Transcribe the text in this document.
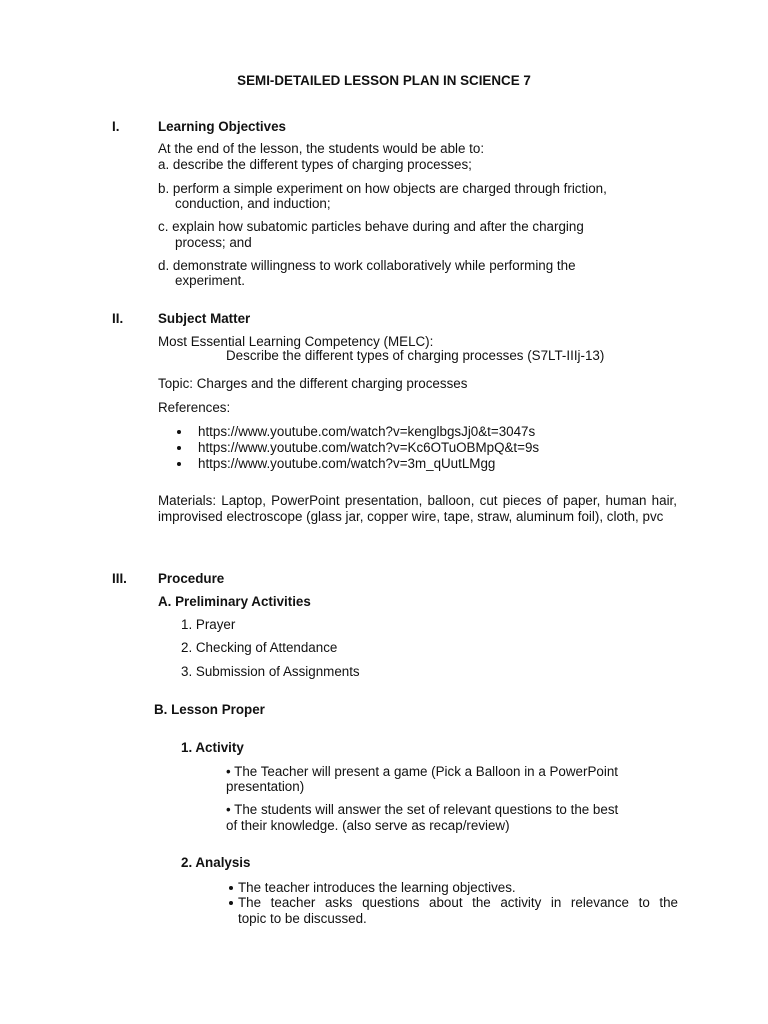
SEMI-DETAILED LESSON PLAN IN SCIENCE 7
I.	Learning Objectives
At the end of the lesson, the students would be able to:
a. describe the different types of charging processes;
b. perform a simple experiment on how objects are charged through friction,
conduction, and induction;
c. explain how subatomic particles behave during and after the charging
process; and
d. demonstrate willingness to work collaboratively while performing the
experiment.
II.	Subject Matter
Most Essential Learning Competency (MELC):
Describe the different types of charging processes (S7LT-IIIj-13)
Topic: Charges and the different charging processes
References:
https://www.youtube.com/watch?v=kenglbgsJj0&t=3047s
https://www.youtube.com/watch?v=Kc6OTuOBMpQ&t=9s
https://www.youtube.com/watch?v=3m_qUutLMgg
Materials: Laptop, PowerPoint presentation, balloon, cut pieces of paper, human hair, improvised electroscope (glass jar, copper wire, tape, straw, aluminum foil), cloth, pvc
III. Procedure
A. Preliminary Activities
1. Prayer
2. Checking of Attendance
3. Submission of Assignments
B. Lesson Proper
1. Activity
• The Teacher will present a game (Pick a Balloon in a PowerPoint
presentation)
• The students will answer the set of relevant questions to the best
of their knowledge. (also serve as recap/review)
2. Analysis
The teacher introduces the learning objectives.
The teacher asks questions about the activity in relevance to the
topic to be discussed.
